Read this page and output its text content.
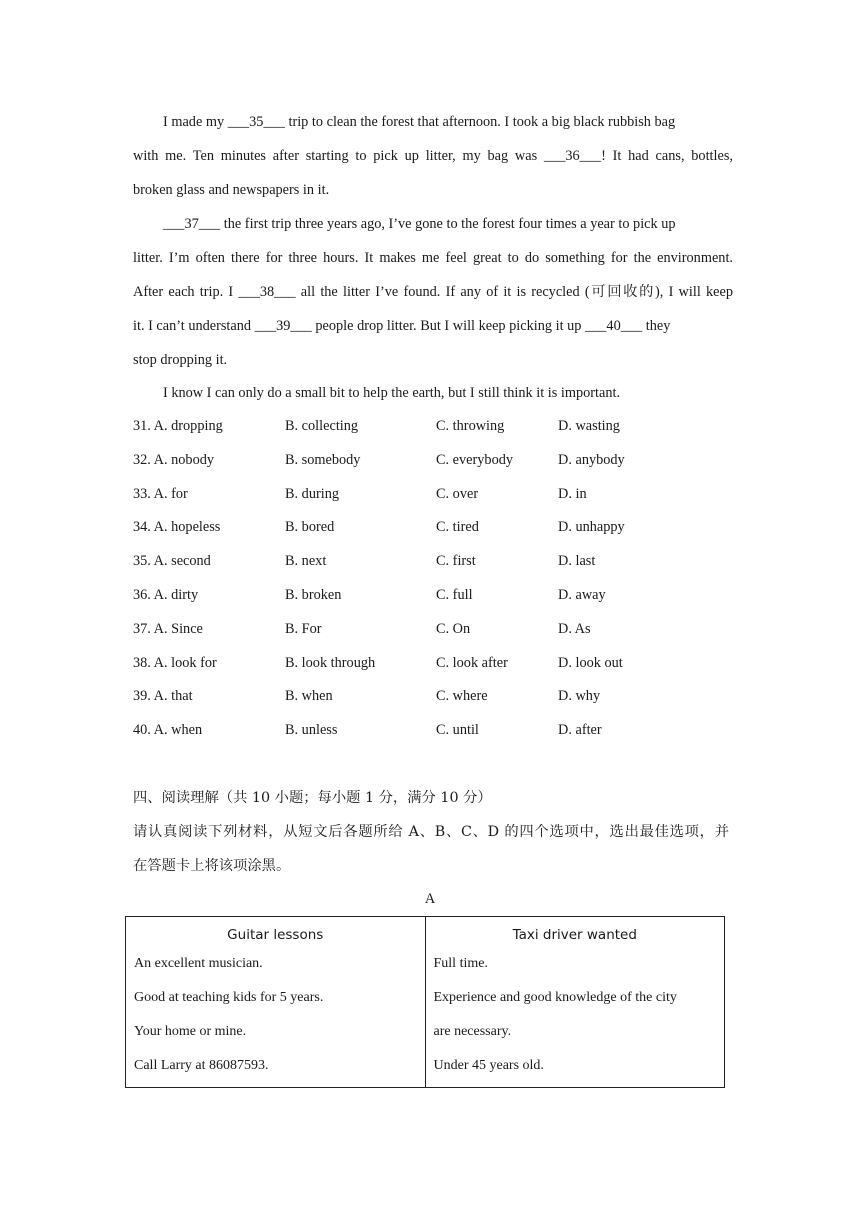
I made my ___35___ trip to clean the forest that afternoon. I took a big black rubbish bag
with me. Ten minutes after starting to pick up litter, my bag was ___36___! It had cans, bottles,
broken glass and newspapers in it.
___37___ the first trip three years ago, I’ve gone to the forest four times a year to pick up
litter. I’m often there for three hours. It makes me feel great to do something for the environment.
After each trip. I ___38___ all the litter I’ve found. If any of it is recycled (可回收的), I will keep
it. I can’t understand ___39___ people drop litter. But I will keep picking it up ___40___ they
stop dropping it.
I know I can only do a small bit to help the earth, but I still think it is important.
31. A. dropping	B. collecting	C. throwing	D. wasting
32. A. nobody	B. somebody	C. everybody	D. anybody
33. A. for	B. during	C. over	D. in
34. A. hopeless	B. bored	C. tired	D. unhappy
35. A. second	B. next	C. first	D. last
36. A. dirty	B. broken	C. full	D. away
37. A. Since	B. For	C. On	D. As
38. A. look for	B. look through	C. look after	D. look out
39. A. that	B. when	C. where	D. why
40. A. when	B. unless	C. until	D. after
四、阅读理解（共 10 小题；每小题 1 分，满分 10 分）
请认真阅读下列材料，从短文后各题所给 A、B、C、D 的四个选项中，选出最佳选项，并
在答题卡上将该项涂黑。
A
Guitar lessons
An excellent musician.
Good at teaching kids for 5 years.
Your home or mine.
Call Larry at 86087593.

Taxi driver wanted
Full time.
Experience and good knowledge of the city
are necessary.
Under 45 years old.
